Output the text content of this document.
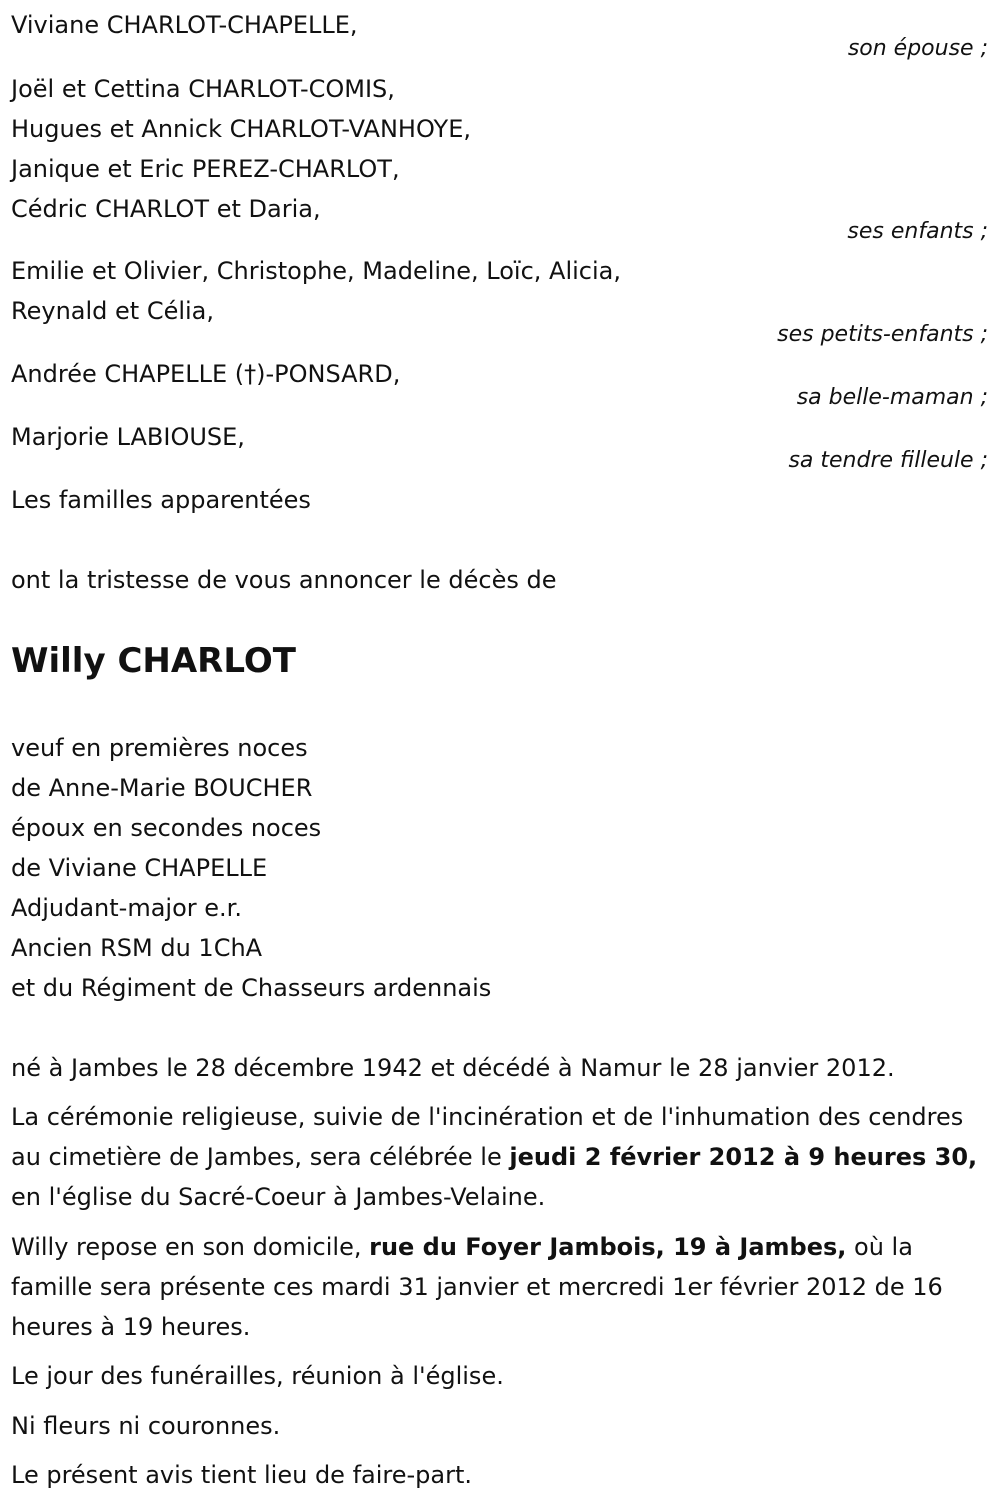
Viviane CHARLOT-CHAPELLE,
son épouse ;
Joël et Cettina CHARLOT-COMIS,
Hugues et Annick CHARLOT-VANHOYE,
Janique et Eric PEREZ-CHARLOT,
Cédric CHARLOT et Daria,
ses enfants ;
Emilie et Olivier, Christophe, Madeline, Loïc, Alicia,
Reynald et Célia,
ses petits-enfants ;
Andrée CHAPELLE (†)-PONSARD,
sa belle-maman ;
Marjorie LABIOUSE,
sa tendre filleule ;
Les familles apparentées
ont la tristesse de vous annoncer le décès de
Willy CHARLOT
veuf en premières noces
de Anne-Marie BOUCHER
époux en secondes noces
de Viviane CHAPELLE
Adjudant-major e.r.
Ancien RSM du 1ChA
et du Régiment de Chasseurs ardennais
né à Jambes le 28 décembre 1942 et décédé à Namur le 28 janvier 2012.
La cérémonie religieuse, suivie de l'incinération et de l'inhumation des cendres au cimetière de Jambes, sera célébrée le jeudi 2 février 2012 à 9 heures 30, en l'église du Sacré-Coeur à Jambes-Velaine.
Willy repose en son domicile, rue du Foyer Jambois, 19 à Jambes, où la famille sera présente ces mardi 31 janvier et mercredi 1er février 2012 de 16 heures à 19 heures.
Le jour des funérailles, réunion à l'église.
Ni fleurs ni couronnes.
Le présent avis tient lieu de faire-part.
